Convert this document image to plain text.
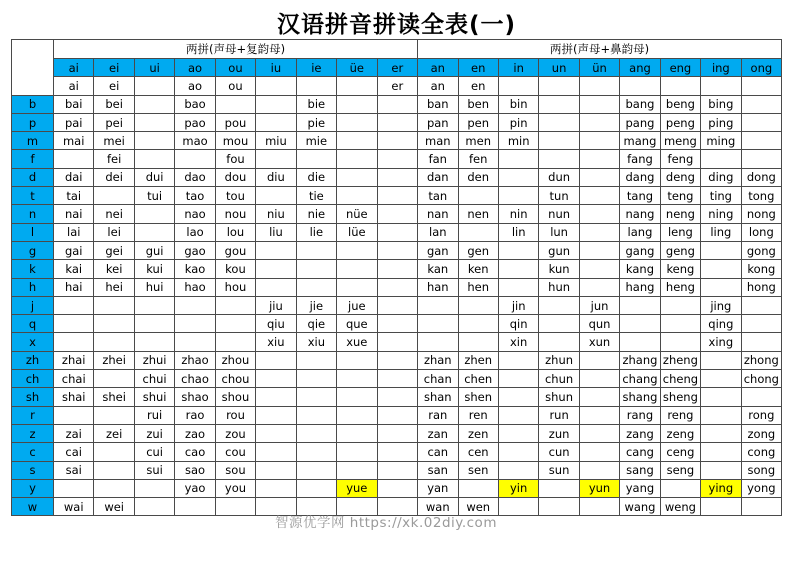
汉语拼音拼读全表(一)
	两拼(声母+复韵母)									两拼(声母+鼻韵母)								
	ai	ei	ui	ao	ou	iu	ie	üe	er	an	en	in	un	ün	ang	eng	ing	ong
	ai	ei		ao	ou				er	an	en							
b	bai	bei		bao			bie			ban	ben	bin			bang	beng	bing	
p	pai	pei		pao	pou		pie			pan	pen	pin			pang	peng	ping	
m	mai	mei		mao	mou	miu	mie			man	men	min			mang	meng	ming	
f		fei			fou					fan	fen				fang	feng		
d	dai	dei	dui	dao	dou	diu	die			dan	den		dun		dang	deng	ding	dong
t	tai		tui	tao	tou		tie			tan			tun		tang	teng	ting	tong
n	nai	nei		nao	nou	niu	nie	nüe		nan	nen	nin	nun		nang	neng	ning	nong
l	lai	lei		lao	lou	liu	lie	lüe		lan		lin	lun		lang	leng	ling	long
g	gai	gei	gui	gao	gou					gan	gen		gun		gang	geng		gong
k	kai	kei	kui	kao	kou					kan	ken		kun		kang	keng		kong
h	hai	hei	hui	hao	hou					han	hen		hun		hang	heng		hong
j						jiu	jie	jue				jin		jun			jing	
q						qiu	qie	que				qin		qun			qing	
x						xiu	xiu	xue				xin		xun			xing	
zh	zhai	zhei	zhui	zhao	zhou					zhan	zhen		zhun		zhang	zheng		zhong
ch	chai		chui	chao	chou					chan	chen		chun		chang	cheng		chong
sh	shai	shei	shui	shao	shou					shan	shen		shun		shang	sheng		
r			rui	rao	rou					ran	ren		run		rang	reng		rong
z	zai	zei	zui	zao	zou					zan	zen		zun		zang	zeng		zong
c	cai		cui	cao	cou					can	cen		cun		cang	ceng		cong
s	sai		sui	sao	sou					san	sen		sun		sang	seng		song
y				yao	you			yue		yan		yin		yun	yang		ying	yong
w	wai	wei								wan	wen				wang	weng		
智源优学网 https://xk.02diy.com
